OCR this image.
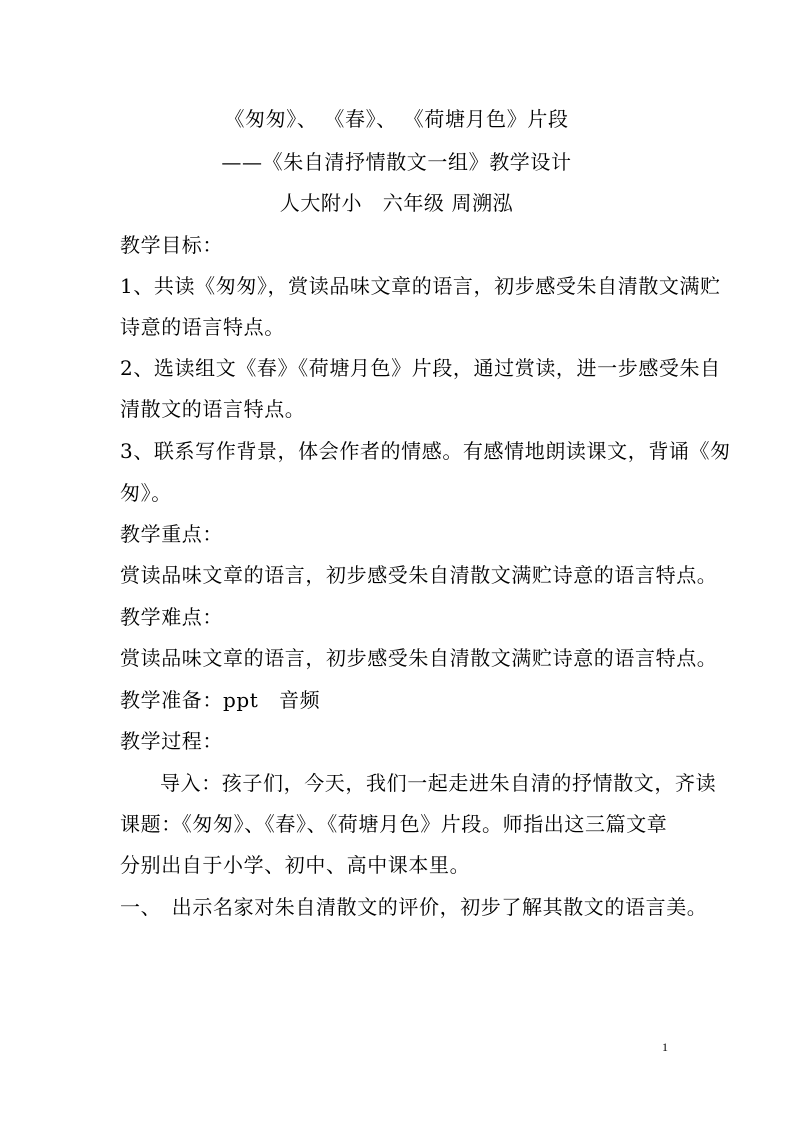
《匆匆》、 《春》、 《荷塘月色》片段
——《朱自清抒情散文一组》教学设计
人大附小　六年级 周溯泓
教学目标：
1、共读《匆匆》，赏读品味文章的语言，初步感受朱自清散文满贮
诗意的语言特点。
2、选读组文《春》《荷塘月色》片段，通过赏读，进一步感受朱自
清散文的语言特点。
3、联系写作背景，体会作者的情感。有感情地朗读课文，背诵《匆
匆》。
教学重点：
赏读品味文章的语言，初步感受朱自清散文满贮诗意的语言特点。
教学难点：
赏读品味文章的语言，初步感受朱自清散文满贮诗意的语言特点。
教学准备：ppt　音频
教学过程：
导入：孩子们，今天，我们一起走进朱自清的抒情散文，齐读
课题：《匆匆》、《春》、《荷塘月色》片段。师指出这三篇文章
分别出自于小学、初中、高中课本里。
一、　出示名家对朱自清散文的评价，初步了解其散文的语言美。
1
